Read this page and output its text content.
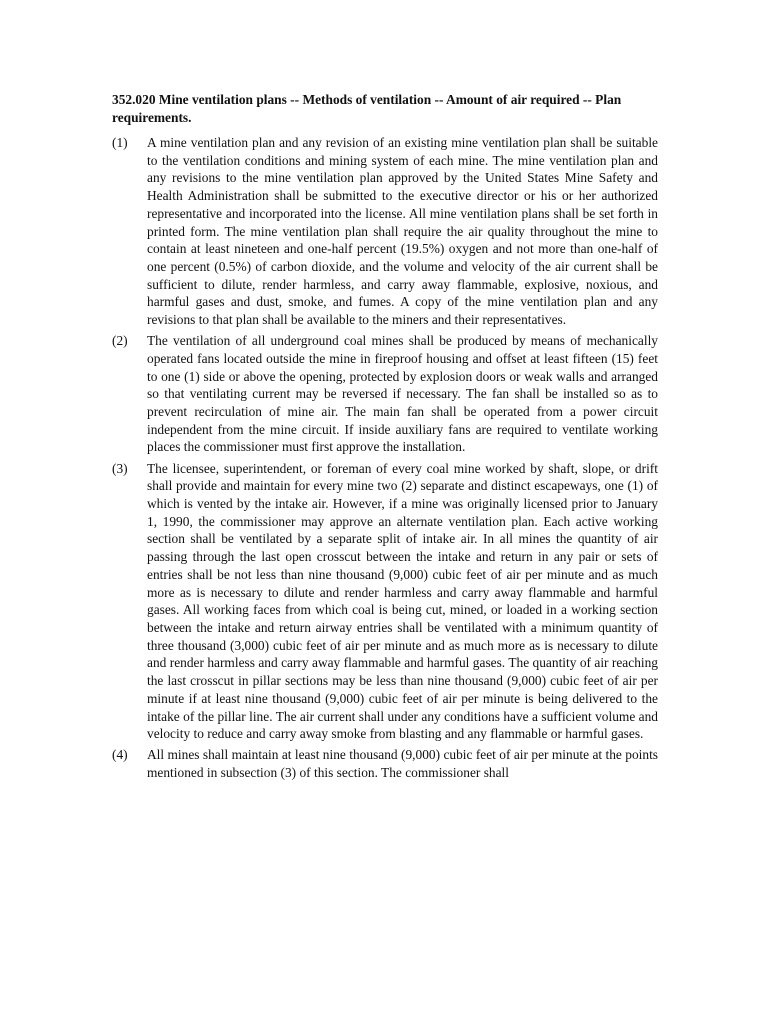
352.020 Mine ventilation plans -- Methods of ventilation -- Amount of air required -- Plan requirements.
(1) A mine ventilation plan and any revision of an existing mine ventilation plan shall be suitable to the ventilation conditions and mining system of each mine. The mine ventilation plan and any revisions to the mine ventilation plan approved by the United States Mine Safety and Health Administration shall be submitted to the executive director or his or her authorized representative and incorporated into the license. All mine ventilation plans shall be set forth in printed form. The mine ventilation plan shall require the air quality throughout the mine to contain at least nineteen and one-half percent (19.5%) oxygen and not more than one-half of one percent (0.5%) of carbon dioxide, and the volume and velocity of the air current shall be sufficient to dilute, render harmless, and carry away flammable, explosive, noxious, and harmful gases and dust, smoke, and fumes. A copy of the mine ventilation plan and any revisions to that plan shall be available to the miners and their representatives.

(2) The ventilation of all underground coal mines shall be produced by means of mechanically operated fans located outside the mine in fireproof housing and offset at least fifteen (15) feet to one (1) side or above the opening, protected by explosion doors or weak walls and arranged so that ventilating current may be reversed if necessary. The fan shall be installed so as to prevent recirculation of mine air. The main fan shall be operated from a power circuit independent from the mine circuit. If inside auxiliary fans are required to ventilate working places the commissioner must first approve the installation.

(3) The licensee, superintendent, or foreman of every coal mine worked by shaft, slope, or drift shall provide and maintain for every mine two (2) separate and distinct escapeways, one (1) of which is vented by the intake air. However, if a mine was originally licensed prior to January 1, 1990, the commissioner may approve an alternate ventilation plan. Each active working section shall be ventilated by a separate split of intake air. In all mines the quantity of air passing through the last open crosscut between the intake and return in any pair or sets of entries shall be not less than nine thousand (9,000) cubic feet of air per minute and as much more as is necessary to dilute and render harmless and carry away flammable and harmful gases. All working faces from which coal is being cut, mined, or loaded in a working section between the intake and return airway entries shall be ventilated with a minimum quantity of three thousand (3,000) cubic feet of air per minute and as much more as is necessary to dilute and render harmless and carry away flammable and harmful gases. The quantity of air reaching the last crosscut in pillar sections may be less than nine thousand (9,000) cubic feet of air per minute if at least nine thousand (9,000) cubic feet of air per minute is being delivered to the intake of the pillar line. The air current shall under any conditions have a sufficient volume and velocity to reduce and carry away smoke from blasting and any flammable or harmful gases.

(4) All mines shall maintain at least nine thousand (9,000) cubic feet of air per minute at the points mentioned in subsection (3) of this section. The commissioner shall
